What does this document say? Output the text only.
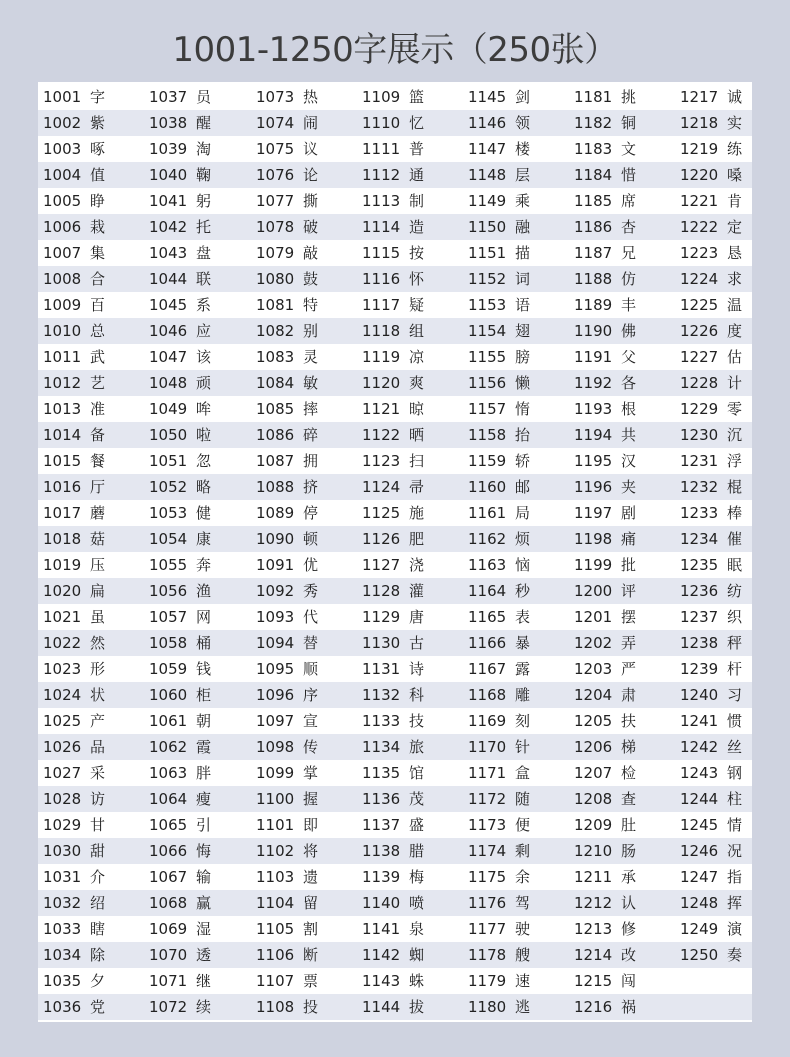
1001-1250字展示（250张）
1001 字	1037 员	1073 热	1109 篮	1145 剑	1181 挑	1217 诚
1002 紫	1038 醒	1074 闹	1110 忆	1146 领	1182 铜	1218 实
1003 啄	1039 淘	1075 议	1111 普	1147 楼	1183 文	1219 练
1004 值	1040 鞠	1076 论	1112 通	1148 层	1184 惜	1220 嗓
1005 睁	1041 躬	1077 撕	1113 制	1149 乘	1185 席	1221 肯
1006 栽	1042 托	1078 破	1114 造	1150 融	1186 杏	1222 定
1007 集	1043 盘	1079 敲	1115 按	1151 描	1187 兄	1223 恳
1008 合	1044 联	1080 鼓	1116 怀	1152 词	1188 仿	1224 求
1009 百	1045 系	1081 特	1117 疑	1153 语	1189 丰	1225 温
1010 总	1046 应	1082 别	1118 组	1154 翅	1190 佛	1226 度
1011 武	1047 该	1083 灵	1119 凉	1155 膀	1191 父	1227 估
1012 艺	1048 顽	1084 敏	1120 爽	1156 懒	1192 各	1228 计
1013 准	1049 哞	1085 摔	1121 晾	1157 惰	1193 根	1229 零
1014 备	1050 啦	1086 碎	1122 晒	1158 抬	1194 共	1230 沉
1015 餐	1051 忽	1087 拥	1123 扫	1159 轿	1195 汉	1231 浮
1016 厅	1052 略	1088 挤	1124 帚	1160 邮	1196 夹	1232 棍
1017 蘑	1053 健	1089 停	1125 施	1161 局	1197 剧	1233 棒
1018 菇	1054 康	1090 顿	1126 肥	1162 烦	1198 痛	1234 催
1019 压	1055 奔	1091 优	1127 浇	1163 恼	1199 批	1235 眠
1020 扁	1056 渔	1092 秀	1128 灌	1164 秒	1200 评	1236 纺
1021 虽	1057 网	1093 代	1129 唐	1165 表	1201 摆	1237 织
1022 然	1058 桶	1094 替	1130 古	1166 暴	1202 弄	1238 秤
1023 形	1059 钱	1095 顺	1131 诗	1167 露	1203 严	1239 杆
1024 状	1060 柜	1096 序	1132 科	1168 雕	1204 肃	1240 习
1025 产	1061 朝	1097 宣	1133 技	1169 刻	1205 扶	1241 惯
1026 品	1062 霞	1098 传	1134 旅	1170 针	1206 梯	1242 丝
1027 采	1063 胖	1099 掌	1135 馆	1171 盒	1207 检	1243 钢
1028 访	1064 瘦	1100 握	1136 茂	1172 随	1208 查	1244 柱
1029 甘	1065 引	1101 即	1137 盛	1173 便	1209 肚	1245 情
1030 甜	1066 悔	1102 将	1138 腊	1174 剩	1210 肠	1246 况
1031 介	1067 输	1103 遗	1139 梅	1175 余	1211 承	1247 指
1032 绍	1068 赢	1104 留	1140 喷	1176 驾	1212 认	1248 挥
1033 瞎	1069 湿	1105 割	1141 泉	1177 驶	1213 修	1249 演
1034 除	1070 透	1106 断	1142 蜘	1178 艘	1214 改	1250 奏
1035 夕	1071 继	1107 票	1143 蛛	1179 速	1215 闯
1036 党	1072 续	1108 投	1144 拔	1180 逃	1216 祸
